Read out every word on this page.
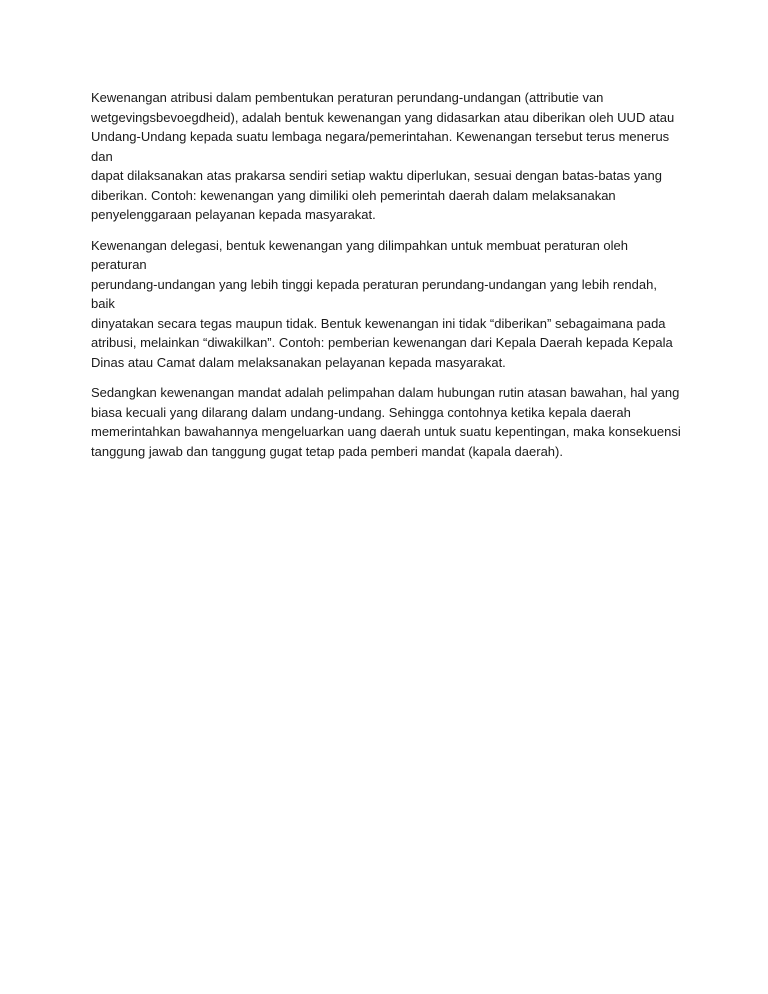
Kewenangan atribusi dalam pembentukan peraturan perundang-undangan (attributie van
wetgevingsbevoegdheid), adalah bentuk kewenangan yang didasarkan atau diberikan oleh UUD atau
Undang-Undang kepada suatu lembaga negara/pemerintahan. Kewenangan tersebut terus menerus dan
dapat dilaksanakan atas prakarsa sendiri setiap waktu diperlukan, sesuai dengan batas-batas yang
diberikan. Contoh: kewenangan yang dimiliki oleh pemerintah daerah dalam melaksanakan
penyelenggaraan pelayanan kepada masyarakat.

Kewenangan delegasi, bentuk kewenangan yang dilimpahkan untuk membuat peraturan oleh peraturan
perundang-undangan yang lebih tinggi kepada peraturan perundang-undangan yang lebih rendah, baik
dinyatakan secara tegas maupun tidak. Bentuk kewenangan ini tidak “diberikan” sebagaimana pada
atribusi, melainkan “diwakilkan”. Contoh: pemberian kewenangan dari Kepala Daerah kepada Kepala
Dinas atau Camat dalam melaksanakan pelayanan kepada masyarakat.

Sedangkan kewenangan mandat adalah pelimpahan dalam hubungan rutin atasan bawahan, hal yang
biasa kecuali yang dilarang dalam undang-undang. Sehingga contohnya ketika kepala daerah
memerintahkan bawahannya mengeluarkan uang daerah untuk suatu kepentingan, maka konsekuensi
tanggung jawab dan tanggung gugat tetap pada pemberi mandat (kapala daerah).
